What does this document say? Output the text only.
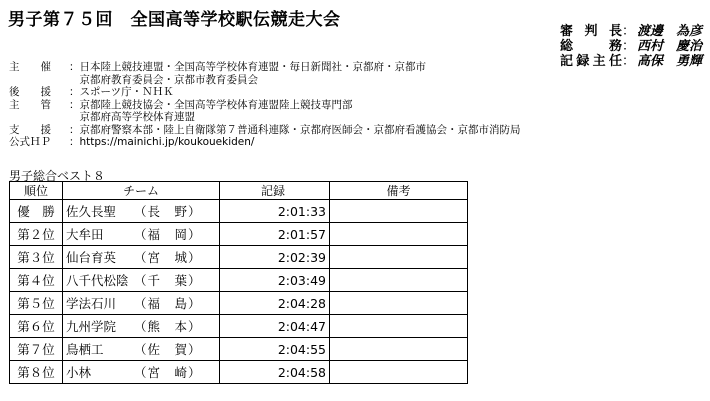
男子第７５回　全国高等学校駅伝競走大会
審判長 ： 渡邊　為彦
総務 ： 西村　慶治
記録主任 ： 高保　勇輝
主　　催	：日本陸上競技連盟・全国高等学校体育連盟・毎日新聞社・京都府・京都市
　京都府教育委員会・京都市教育委員会
後　　援	：スポーツ庁・ＮＨＫ
主　　管	：京都陸上競技協会・全国高等学校体育連盟陸上競技専門部
　京都府高等学校体育連盟
支　　援	：京都府警察本部・陸上自衛隊第７普通科連隊・京都府医師会・京都府看護協会・京都市消防局
公式ＨＰ	：https://mainichi.jp/koukouekiden/
男子総合ベスト８
順位	チーム	記録	備考
優　勝	佐久長聖 （長　野）	2:01:33	
第２位	大牟田 （福　岡）	2:01:57	
第３位	仙台育英 （宮　城）	2:02:39	
第４位	八千代松陰 （千　葉）	2:03:49	
第５位	学法石川 （福　島）	2:04:28	
第６位	九州学院 （熊　本）	2:04:47	
第７位	鳥栖工 （佐　賀）	2:04:55	
第８位	小林 （宮　崎）	2:04:58	
